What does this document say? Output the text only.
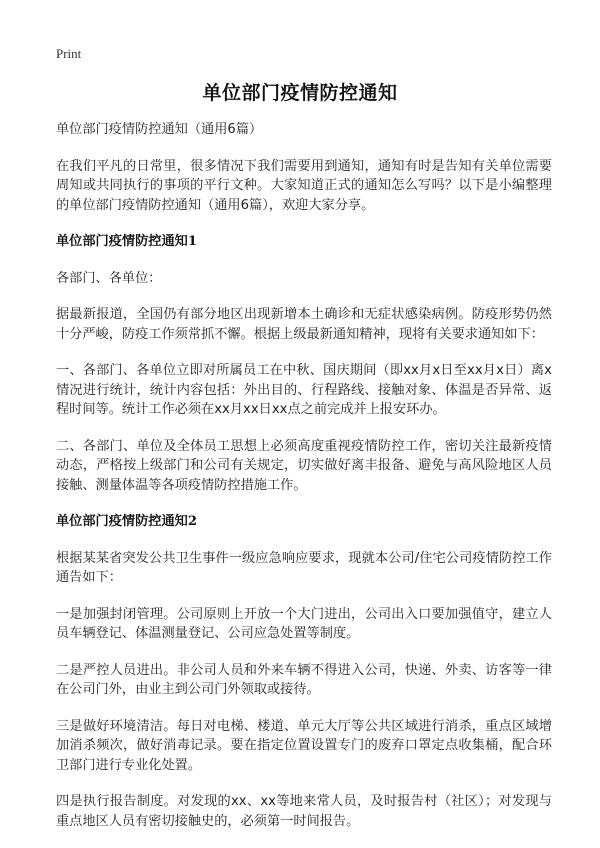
Print
单位部门疫情防控通知

单位部门疫情防控通知（通用6篇）

在我们平凡的日常里，很多情况下我们需要用到通知，通知有时是告知有关单位需要周知或共同执行的事项的平行文种。大家知道正式的通知怎么写吗？以下是小编整理的单位部门疫情防控通知（通用6篇），欢迎大家分享。

单位部门疫情防控通知1

各部门、各单位：

据最新报道，全国仍有部分地区出现新增本土确诊和无症状感染病例。防疫形势仍然十分严峻，防疫工作须常抓不懈。根据上级最新通知精神，现将有关要求通知如下：

一、各部门、各单位立即对所属员工在中秋、国庆期间（即xx月x日至xx月x日）离x情况进行统计，统计内容包括：外出目的、行程路线、接触对象、体温是否异常、返程时间等。统计工作必须在xx月xx日xx点之前完成并上报安环办。

二、各部门、单位及全体员工思想上必须高度重视疫情防控工作，密切关注最新疫情动态，严格按上级部门和公司有关规定，切实做好离丰报备、避免与高风险地区人员接触、测量体温等各项疫情防控措施工作。

单位部门疫情防控通知2

根据某某省突发公共卫生事件一级应急响应要求，现就本公司/住宅公司疫情防控工作通告如下：

一是加强封闭管理。公司原则上开放一个大门进出，公司出入口要加强值守，建立人员车辆登记、体温测量登记、公司应急处置等制度。

二是严控人员进出。非公司人员和外来车辆不得进入公司，快递、外卖、访客等一律在公司门外，由业主到公司门外领取或接待。

三是做好环境清洁。每日对电梯、楼道、单元大厅等公共区域进行消杀，重点区域增加消杀频次，做好消毒记录。要在指定位置设置专门的废弃口罩定点收集桶，配合环卫部门进行专业化处置。

四是执行报告制度。对发现的xx、xx等地来常人员，及时报告村（社区）；对发现与重点地区人员有密切接触史的，必须第一时间报告。
